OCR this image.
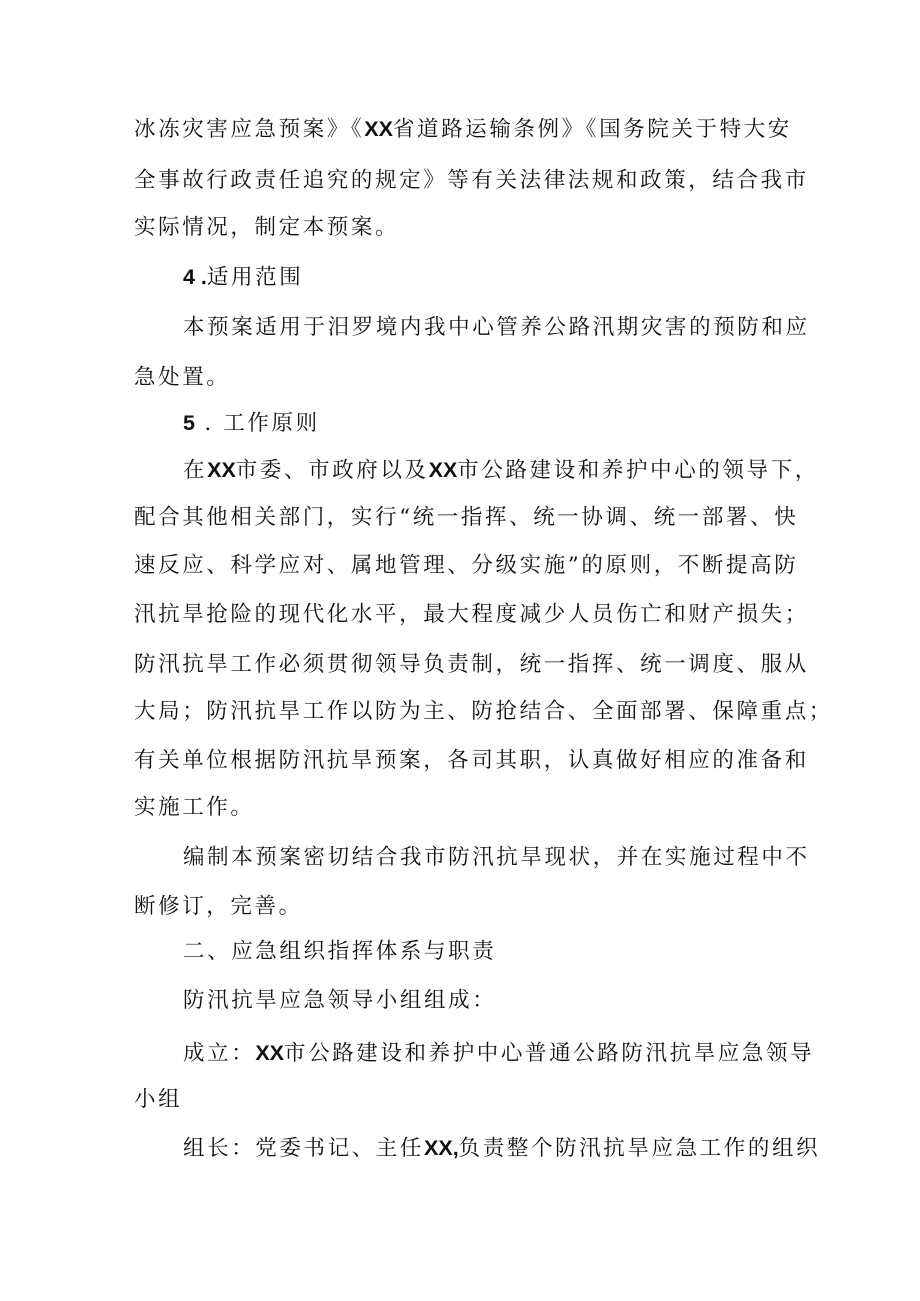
冰冻灾害应急预案》《XX省道路运输条例》《国务院关于特大安
全事故行政责任追究的规定》等有关法律法规和政策，结合我市
实际情况，制定本预案。
4 .适用范围
本预案适用于汨罗境内我中心管养公路汛期灾害的预防和应
急处置。
5 . 工作原则
在XX市委、市政府以及XX市公路建设和养护中心的领导下，
配合其他相关部门，实行“统一指挥、统一协调、统一部署、快
速反应、科学应对、属地管理、分级实施”的原则，不断提高防
汛抗旱抢险的现代化水平，最大程度减少人员伤亡和财产损失；
防汛抗旱工作必须贯彻领导负责制，统一指挥、统一调度、服从
大局；防汛抗旱工作以防为主、防抢结合、全面部署、保障重点；
有关单位根据防汛抗旱预案，各司其职，认真做好相应的准备和
实施工作。
编制本预案密切结合我市防汛抗旱现状，并在实施过程中不
断修订，完善。
二、应急组织指挥体系与职责
防汛抗旱应急领导小组组成：
成立：XX市公路建设和养护中心普通公路防汛抗旱应急领导
小组
组长：党委书记、主任XX,负责整个防汛抗旱应急工作的组织
